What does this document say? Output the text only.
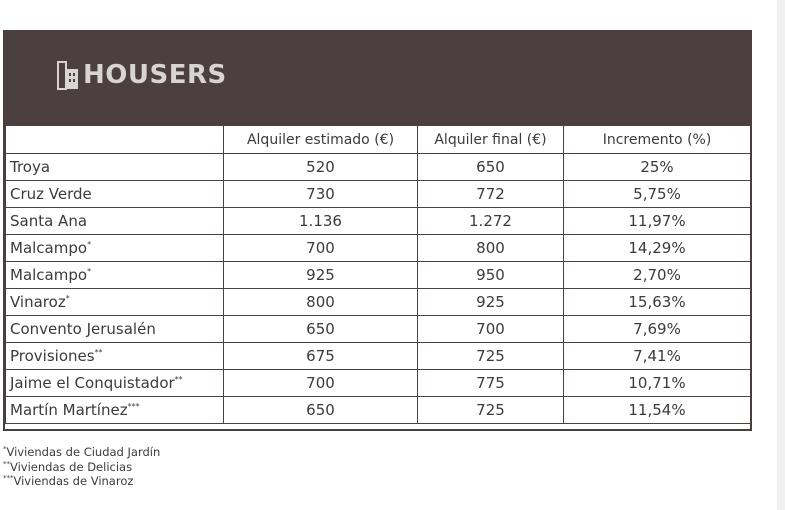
HOUSERS
	Alquiler estimado (€)	Alquiler final (€)	Incremento (%)
Troya	520	650	25%
Cruz Verde	730	772	5,75%
Santa Ana	1.136	1.272	11,97%
Malcampo*	700	800	14,29%
Malcampo*	925	950	2,70%
Vinaroz*	800	925	15,63%
Convento Jerusalén	650	700	7,69%
Provisiones**	675	725	7,41%
Jaime el Conquistador**	700	775	10,71%
Martín Martínez***	650	725	11,54%
*Viviendas de Ciudad Jardín
**Viviendas de Delicias
***Viviendas de Vinaroz
